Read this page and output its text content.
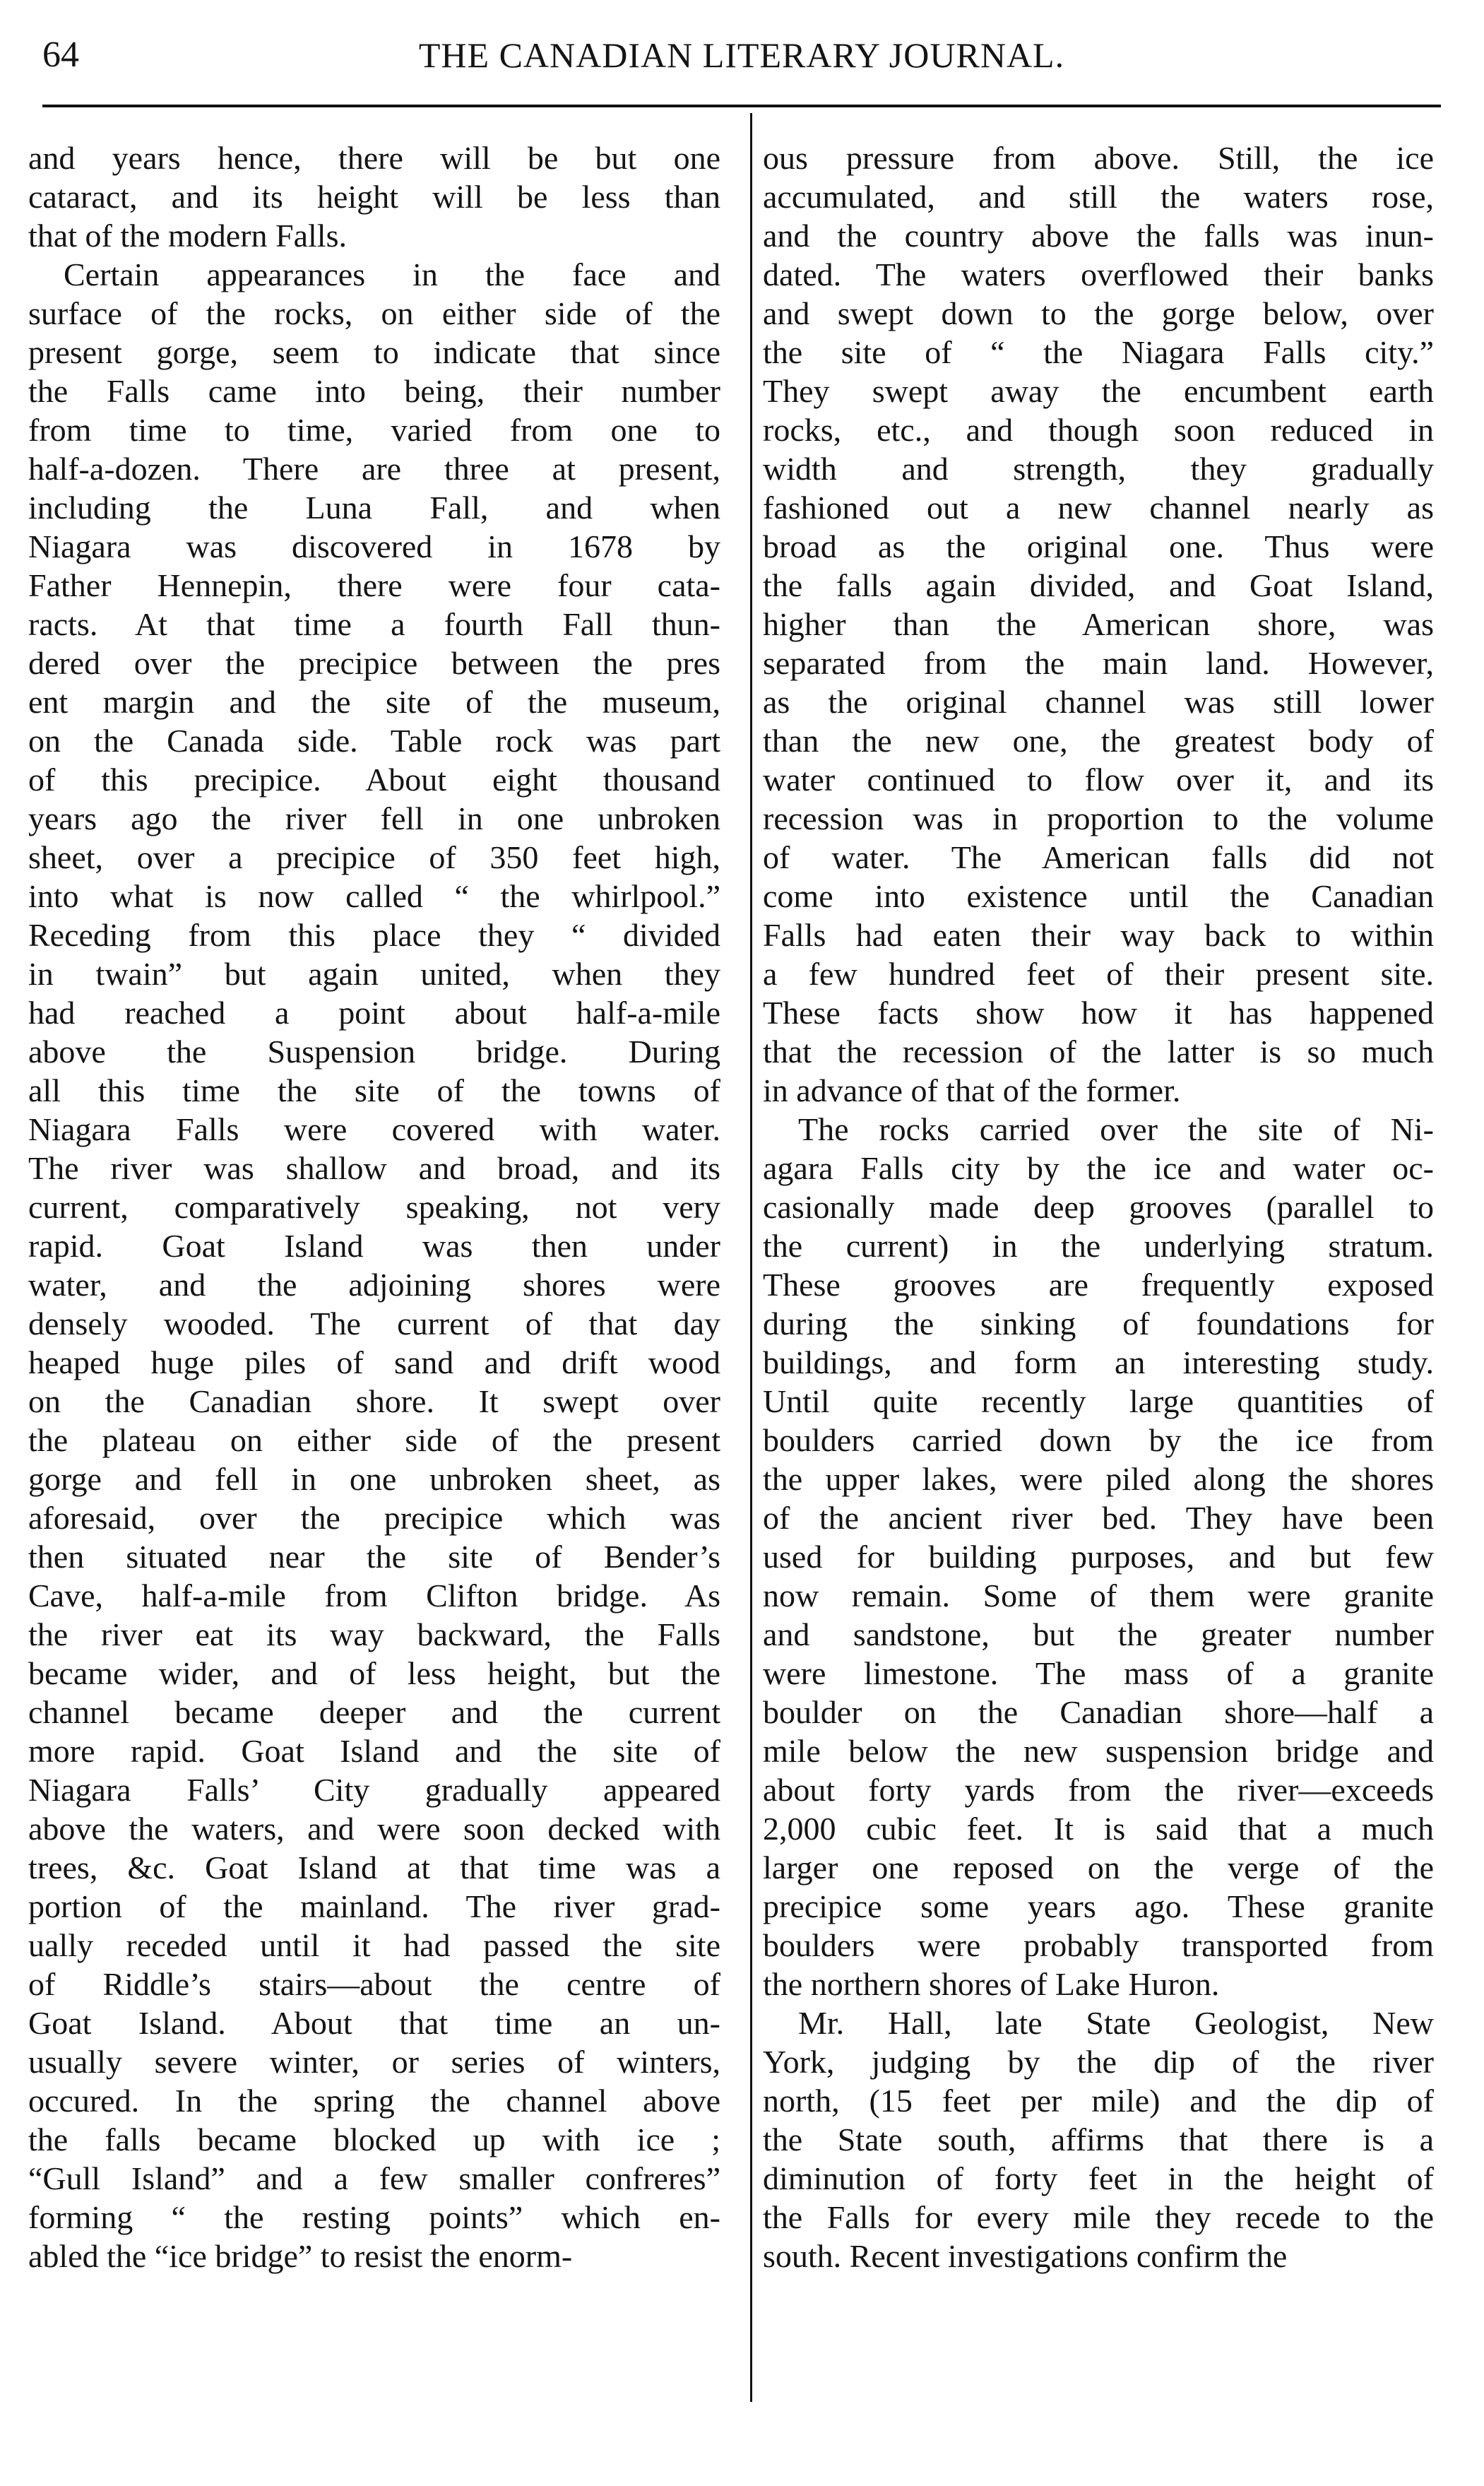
64	THE CANADIAN LITERARY JOURNAL.

and years hence, there will be but one
cataract, and its height will be less than
that of the modern Falls.

Certain appearances in the face and
surface of the rocks, on either side of the
present gorge, seem to indicate that since
the Falls came into being, their number
from time to time, varied from one to
half-a-dozen. There are three at present,
including the Luna Fall, and when
Niagara was discovered in 1678 by
Father Hennepin, there were four cata-
racts. At that time a fourth Fall thun-
dered over the precipice between the pres
ent margin and the site of the museum,
on the Canada side. Table rock was part
of this precipice. About eight thousand
years ago the river fell in one unbroken
sheet, over a precipice of 350 feet high,
into what is now called “ the whirlpool.”
Receding from this place they “ divided
in twain” but again united, when they
had reached a point about half-a-mile
above the Suspension bridge. During
all this time the site of the towns of
Niagara Falls were covered with water.
The river was shallow and broad, and its
current, comparatively speaking, not very
rapid. Goat Island was then under
water, and the adjoining shores were
densely wooded. The current of that day
heaped huge piles of sand and drift wood
on the Canadian shore. It swept over
the plateau on either side of the present
gorge and fell in one unbroken sheet, as
aforesaid, over the precipice which was
then situated near the site of Bender’s
Cave, half-a-mile from Clifton bridge. As
the river eat its way backward, the Falls
became wider, and of less height, but the
channel became deeper and the current
more rapid. Goat Island and the site of
Niagara Falls’ City gradually appeared
above the waters, and were soon decked with
trees, &c. Goat Island at that time was a
portion of the mainland. The river grad-
ually receded until it had passed the site
of Riddle’s stairs—about the centre of
Goat Island. About that time an un-
usually severe winter, or series of winters,
occured. In the spring the channel above
the falls became blocked up with ice ;
“Gull Island” and a few smaller confreres”
forming “ the resting points” which en-
abled the “ice bridge” to resist the enorm-

ous pressure from above. Still, the ice
accumulated, and still the waters rose,
and the country above the falls was inun-
dated. The waters overflowed their banks
and swept down to the gorge below, over
the site of “ the Niagara Falls city.”
They swept away the encumbent earth
rocks, etc., and though soon reduced in
width and strength, they gradually
fashioned out a new channel nearly as
broad as the original one. Thus were
the falls again divided, and Goat Island,
higher than the American shore, was
separated from the main land. However,
as the original channel was still lower
than the new one, the greatest body of
water continued to flow over it, and its
recession was in proportion to the volume
of water. The American falls did not
come into existence until the Canadian
Falls had eaten their way back to within
a few hundred feet of their present site.
These facts show how it has happened
that the recession of the latter is so much
in advance of that of the former.

The rocks carried over the site of Ni-
agara Falls city by the ice and water oc-
casionally made deep grooves (parallel to
the current) in the underlying stratum.
These grooves are frequently exposed
during the sinking of foundations for
buildings, and form an interesting study.
Until quite recently large quantities of
boulders carried down by the ice from
the upper lakes, were piled along the shores
of the ancient river bed. They have been
used for building purposes, and but few
now remain. Some of them were granite
and sandstone, but the greater number
were limestone. The mass of a granite
boulder on the Canadian shore—half a
mile below the new suspension bridge and
about forty yards from the river—exceeds
2,000 cubic feet. It is said that a much
larger one reposed on the verge of the
precipice some years ago. These granite
boulders were probably transported from
the northern shores of Lake Huron.

Mr. Hall, late State Geologist, New
York, judging by the dip of the river
north, (15 feet per mile) and the dip of
the State south, affirms that there is a
diminution of forty feet in the height of
the Falls for every mile they recede to the
south. Recent investigations confirm the
